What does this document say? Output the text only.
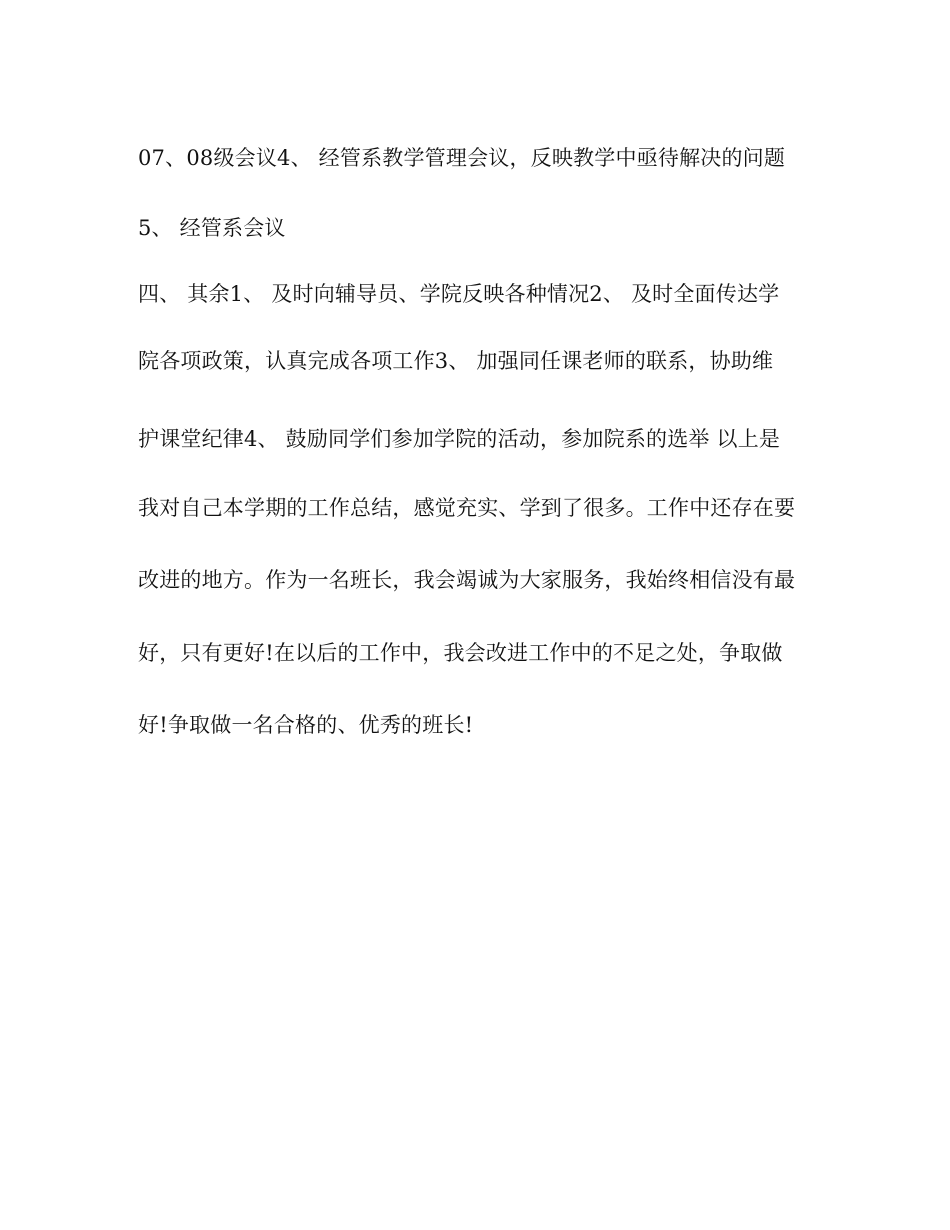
07、08级会议4、 经管系教学管理会议，反映教学中亟待解决的问题
5、 经管系会议
四、 其余1、 及时向辅导员、学院反映各种情况2、 及时全面传达学
院各项政策，认真完成各项工作3、 加强同任课老师的联系，协助维
护课堂纪律4、 鼓励同学们参加学院的活动，参加院系的选举 以上是
我对自己本学期的工作总结，感觉充实、学到了很多。工作中还存在要
改进的地方。作为一名班长，我会竭诚为大家服务，我始终相信没有最
好，只有更好!在以后的工作中，我会改进工作中的不足之处，争取做
好!争取做一名合格的、优秀的班长!
